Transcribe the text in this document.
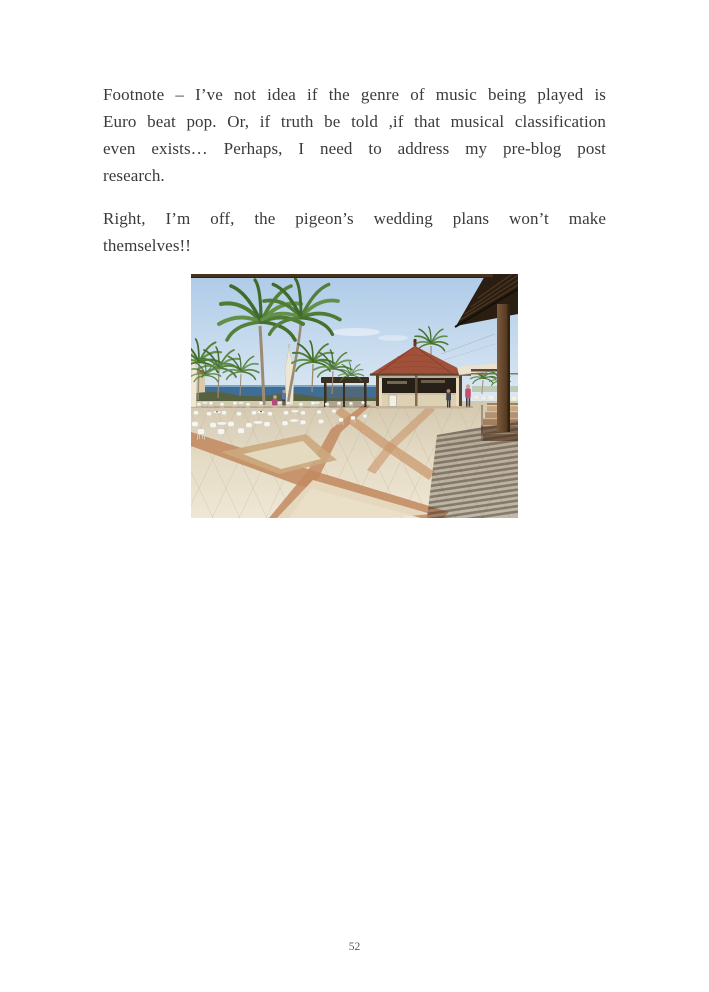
Footnote – I’ve not idea if the genre of music being played is
Euro beat pop. Or, if truth be told ,if that musical classification
even exists… Perhaps, I need to address my pre-blog post
research.
Right, I’m off, the pigeon’s wedding plans won’t make
themselves!!
52
